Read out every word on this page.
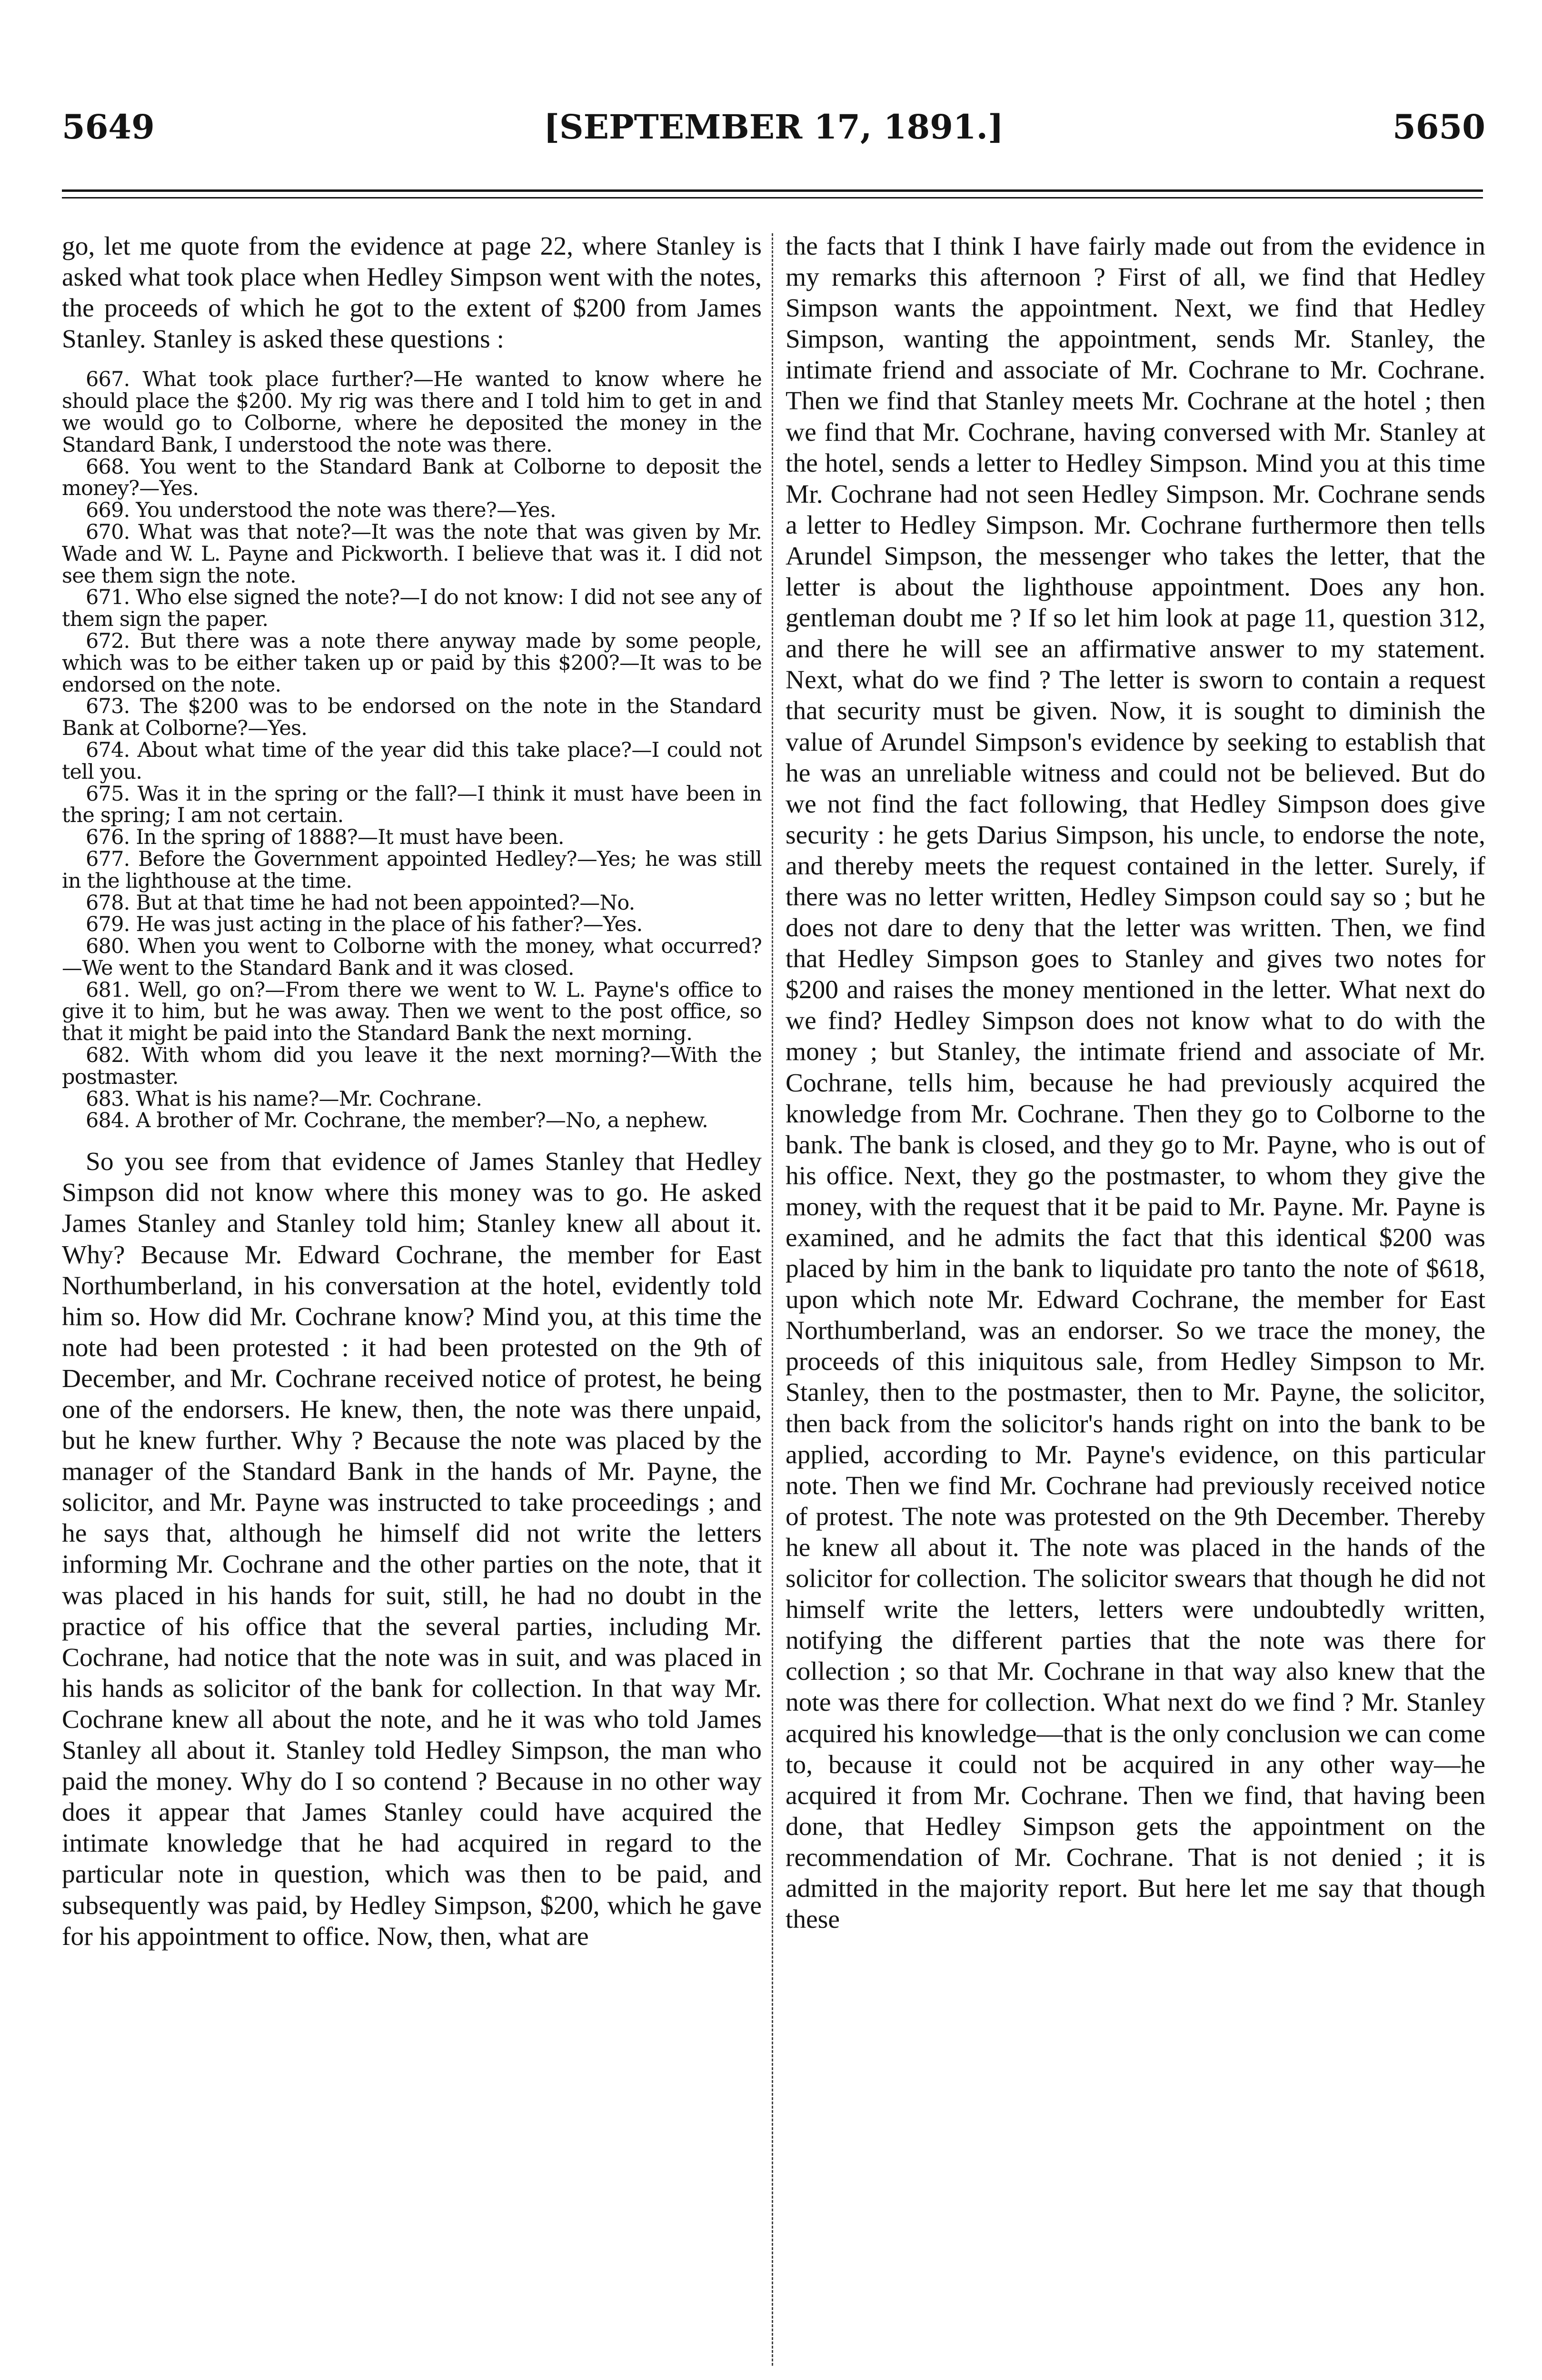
5649	[SEPTEMBER 17, 1891.]	5650

go, let me quote from the evidence at page 22, where Stanley is asked what took place when Hedley Simpson went with the notes, the proceeds of which he got to the extent of $200 from James Stanley. Stanley is asked these questions :

667. What took place further?—He wanted to know where he should place the $200. My rig was there and I told him to get in and we would go to Colborne, where he deposited the money in the Standard Bank, I understood the note was there.

668. You went to the Standard Bank at Colborne to deposit the money?—Yes.

669. You understood the note was there?—Yes.

670. What was that note?—It was the note that was given by Mr. Wade and W. L. Payne and Pickworth. I believe that was it. I did not see them sign the note.

671. Who else signed the note?—I do not know: I did not see any of them sign the paper.

672. But there was a note there anyway made by some people, which was to be either taken up or paid by this $200?—It was to be endorsed on the note.

673. The $200 was to be endorsed on the note in the Standard Bank at Colborne?—Yes.

674. About what time of the year did this take place?—I could not tell you.

675. Was it in the spring or the fall?—I think it must have been in the spring; I am not certain.

676. In the spring of 1888?—It must have been.

677. Before the Government appointed Hedley?—Yes; he was still in the lighthouse at the time.

678. But at that time he had not been appointed?—No.

679. He was just acting in the place of his father?—Yes.

680. When you went to Colborne with the money, what occurred?—We went to the Standard Bank and it was closed.

681. Well, go on?—From there we went to W. L. Payne's office to give it to him, but he was away. Then we went to the post office, so that it might be paid into the Standard Bank the next morning.

682. With whom did you leave it the next morning?—With the postmaster.

683. What is his name?—Mr. Cochrane.

684. A brother of Mr. Cochrane, the member?—No, a nephew.

So you see from that evidence of James Stanley that Hedley Simpson did not know where this money was to go. He asked James Stanley and Stanley told him; Stanley knew all about it. Why? Because Mr. Edward Cochrane, the member for East Northumberland, in his conversation at the hotel, evidently told him so. How did Mr. Cochrane know? Mind you, at this time the note had been protested : it had been protested on the 9th of December, and Mr. Cochrane received notice of protest, he being one of the endorsers. He knew, then, the note was there unpaid, but he knew further. Why ? Because the note was placed by the manager of the Standard Bank in the hands of Mr. Payne, the solicitor, and Mr. Payne was instructed to take proceedings ; and he says that, although he himself did not write the letters informing Mr. Cochrane and the other parties on the note, that it was placed in his hands for suit, still, he had no doubt in the practice of his office that the several parties, including Mr. Cochrane, had notice that the note was in suit, and was placed in his hands as solicitor of the bank for collection. In that way Mr. Cochrane knew all about the note, and he it was who told James Stanley all about it. Stanley told Hedley Simpson, the man who paid the money. Why do I so contend ? Because in no other way does it appear that James Stanley could have acquired the intimate knowledge that he had acquired in regard to the particular note in question, which was then to be paid, and subsequently was paid, by Hedley Simpson, $200, which he gave for his appointment to office. Now, then, what are

the facts that I think I have fairly made out from the evidence in my remarks this afternoon ? First of all, we find that Hedley Simpson wants the appointment. Next, we find that Hedley Simpson, wanting the appointment, sends Mr. Stanley, the intimate friend and associate of Mr. Cochrane to Mr. Cochrane. Then we find that Stanley meets Mr. Cochrane at the hotel ; then we find that Mr. Cochrane, having conversed with Mr. Stanley at the hotel, sends a letter to Hedley Simpson. Mind you at this time Mr. Cochrane had not seen Hedley Simpson. Mr. Cochrane sends a letter to Hedley Simpson. Mr. Cochrane furthermore then tells Arundel Simpson, the messenger who takes the letter, that the letter is about the lighthouse appointment. Does any hon. gentleman doubt me ? If so let him look at page 11, question 312, and there he will see an affirmative answer to my statement. Next, what do we find ? The letter is sworn to contain a request that security must be given. Now, it is sought to diminish the value of Arundel Simpson's evidence by seeking to establish that he was an unreliable witness and could not be believed. But do we not find the fact following, that Hedley Simpson does give security : he gets Darius Simpson, his uncle, to endorse the note, and thereby meets the request contained in the letter. Surely, if there was no letter written, Hedley Simpson could say so ; but he does not dare to deny that the letter was written. Then, we find that Hedley Simpson goes to Stanley and gives two notes for $200 and raises the money mentioned in the letter. What next do we find? Hedley Simpson does not know what to do with the money ; but Stanley, the intimate friend and associate of Mr. Cochrane, tells him, because he had previously acquired the knowledge from Mr. Cochrane. Then they go to Colborne to the bank. The bank is closed, and they go to Mr. Payne, who is out of his office. Next, they go the postmaster, to whom they give the money, with the request that it be paid to Mr. Payne. Mr. Payne is examined, and he admits the fact that this identical $200 was placed by him in the bank to liquidate pro tanto the note of $618, upon which note Mr. Edward Cochrane, the member for East Northumberland, was an endorser. So we trace the money, the proceeds of this iniquitous sale, from Hedley Simpson to Mr. Stanley, then to the postmaster, then to Mr. Payne, the solicitor, then back from the solicitor's hands right on into the bank to be applied, according to Mr. Payne's evidence, on this particular note. Then we find Mr. Cochrane had previously received notice of protest. The note was protested on the 9th December. Thereby he knew all about it. The note was placed in the hands of the solicitor for collection. The solicitor swears that though he did not himself write the letters, letters were undoubtedly written, notifying the different parties that the note was there for collection ; so that Mr. Cochrane in that way also knew that the note was there for collection. What next do we find ? Mr. Stanley acquired his knowledge—that is the only conclusion we can come to, because it could not be acquired in any other way—he acquired it from Mr. Cochrane. Then we find, that having been done, that Hedley Simpson gets the appointment on the recommendation of Mr. Cochrane. That is not denied ; it is admitted in the majority report. But here let me say that though these
